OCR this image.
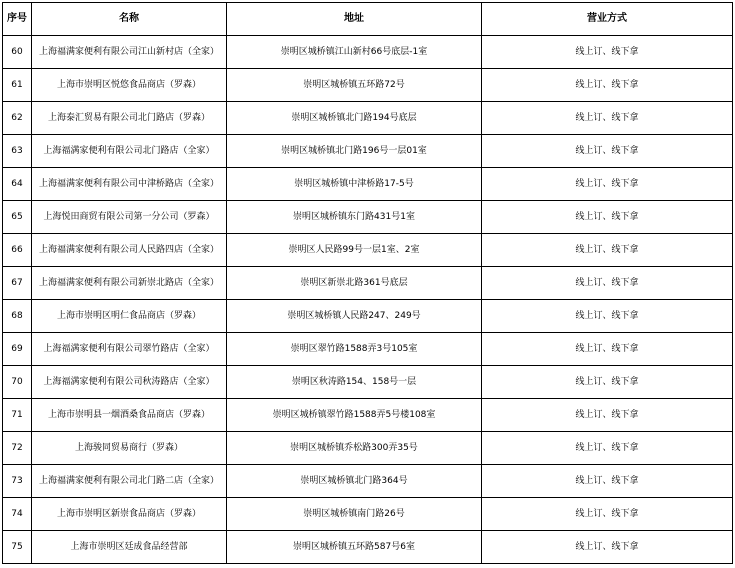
序号	名称	地址	营业方式
60	上海福满家便利有限公司江山新村店（全家）	崇明区城桥镇江山新村66号底层-1室	线上订、线下拿
61	上海市崇明区悦悠食品商店（罗森）	崇明区城桥镇五环路72号	线上订、线下拿
62	上海泰汇贸易有限公司北门路店（罗森）	崇明区城桥镇北门路194号底层	线上订、线下拿
63	上海福满家便利有限公司北门路店（全家）	崇明区城桥镇北门路196号一层01室	线上订、线下拿
64	上海福满家便利有限公司中津桥路店（全家）	崇明区城桥镇中津桥路17-5号	线上订、线下拿
65	上海悦田商贸有限公司第一分公司（罗森）	崇明区城桥镇东门路431号1室	线上订、线下拿
66	上海福满家便利有限公司人民路四店（全家）	崇明区人民路99号一层1室、2室	线上订、线下拿
67	上海福满家便利有限公司新崇北路店（全家）	崇明区新崇北路361号底层	线上订、线下拿
68	上海市崇明区明仁食品商店（罗森）	崇明区城桥镇人民路247、249号	线上订、线下拿
69	上海福满家便利有限公司翠竹路店（全家）	崇明区翠竹路1588弄3号105室	线上订、线下拿
70	上海福满家便利有限公司秋涛路店（全家）	崇明区秋涛路154、158号一层	线上订、线下拿
71	上海市崇明县一烟酒桑食品商店（罗森）	崇明区城桥镇翠竹路1588弄5号楼108室	线上订、线下拿
72	上海骏同贸易商行（罗森）	崇明区城桥镇乔松路300弄35号	线上订、线下拿
73	上海福满家便利有限公司北门路二店（全家）	崇明区城桥镇北门路364号	线上订、线下拿
74	上海市崇明区新崇食品商店（罗森）	崇明区城桥镇南门路26号	线上订、线下拿
75	上海市崇明区廷成食品经营部	崇明区城桥镇五环路587号6室	线上订、线下拿
